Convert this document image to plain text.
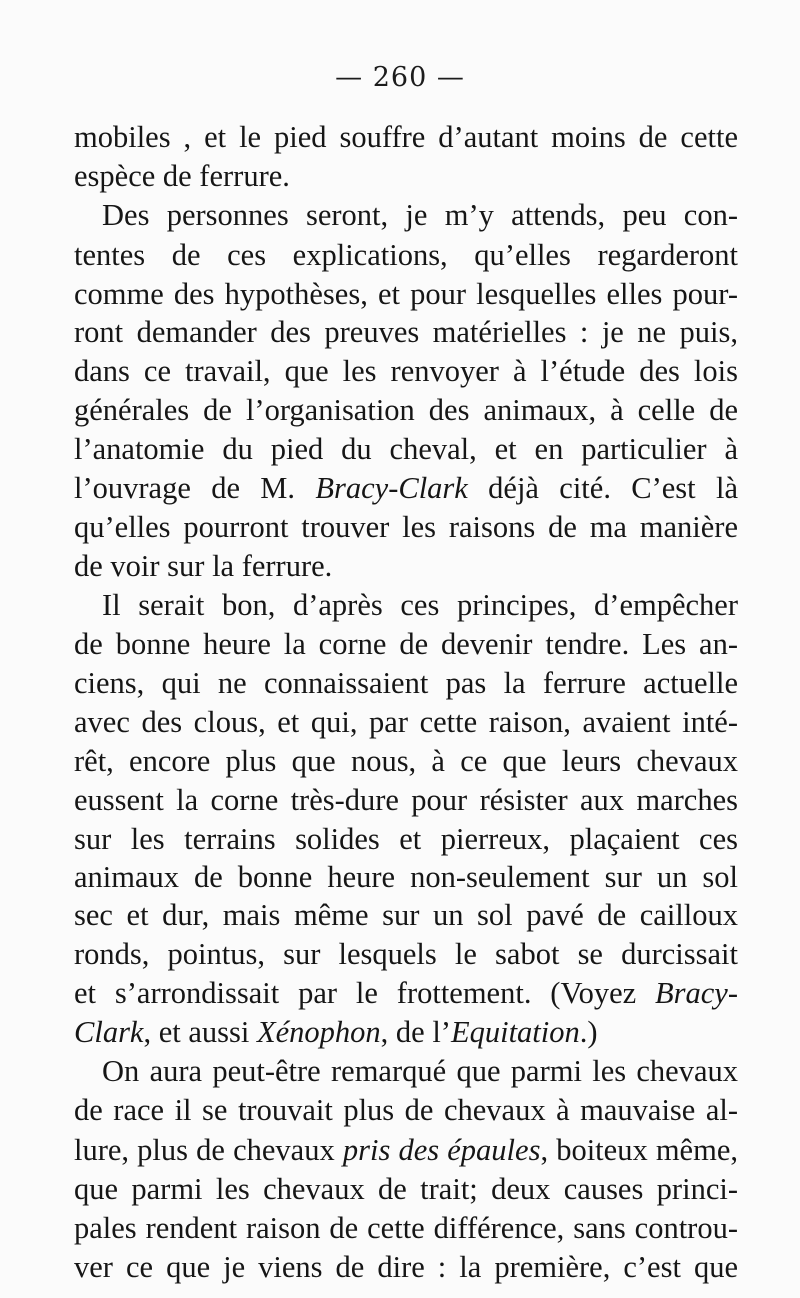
— 260 —
mobiles , et le pied souffre d’autant moins de cette
espèce de ferrure.
Des personnes seront, je m’y attends, peu con-
tentes de ces explications, qu’elles regarderont
comme des hypothèses, et pour lesquelles elles pour-
ront demander des preuves matérielles : je ne puis,
dans ce travail, que les renvoyer à l’étude des lois
générales de l’organisation des animaux, à celle de
l’anatomie du pied du cheval, et en particulier à
l’ouvrage de M. Bracy-Clark déjà cité. C’est là
qu’elles pourront trouver les raisons de ma manière
de voir sur la ferrure.
Il serait bon, d’après ces principes, d’empêcher
de bonne heure la corne de devenir tendre. Les an-
ciens, qui ne connaissaient pas la ferrure actuelle
avec des clous, et qui, par cette raison, avaient inté-
rêt, encore plus que nous, à ce que leurs chevaux
eussent la corne très-dure pour résister aux marches
sur les terrains solides et pierreux, plaçaient ces
animaux de bonne heure non-seulement sur un sol
sec et dur, mais même sur un sol pavé de cailloux
ronds, pointus, sur lesquels le sabot se durcissait
et s’arrondissait par le frottement. (Voyez Bracy-
Clark, et aussi Xénophon, de l’Equitation.)
On aura peut-être remarqué que parmi les chevaux
de race il se trouvait plus de chevaux à mauvaise al-
lure, plus de chevaux pris des épaules, boiteux même,
que parmi les chevaux de trait; deux causes princi-
pales rendent raison de cette différence, sans controu-
ver ce que je viens de dire : la première, c’est que
